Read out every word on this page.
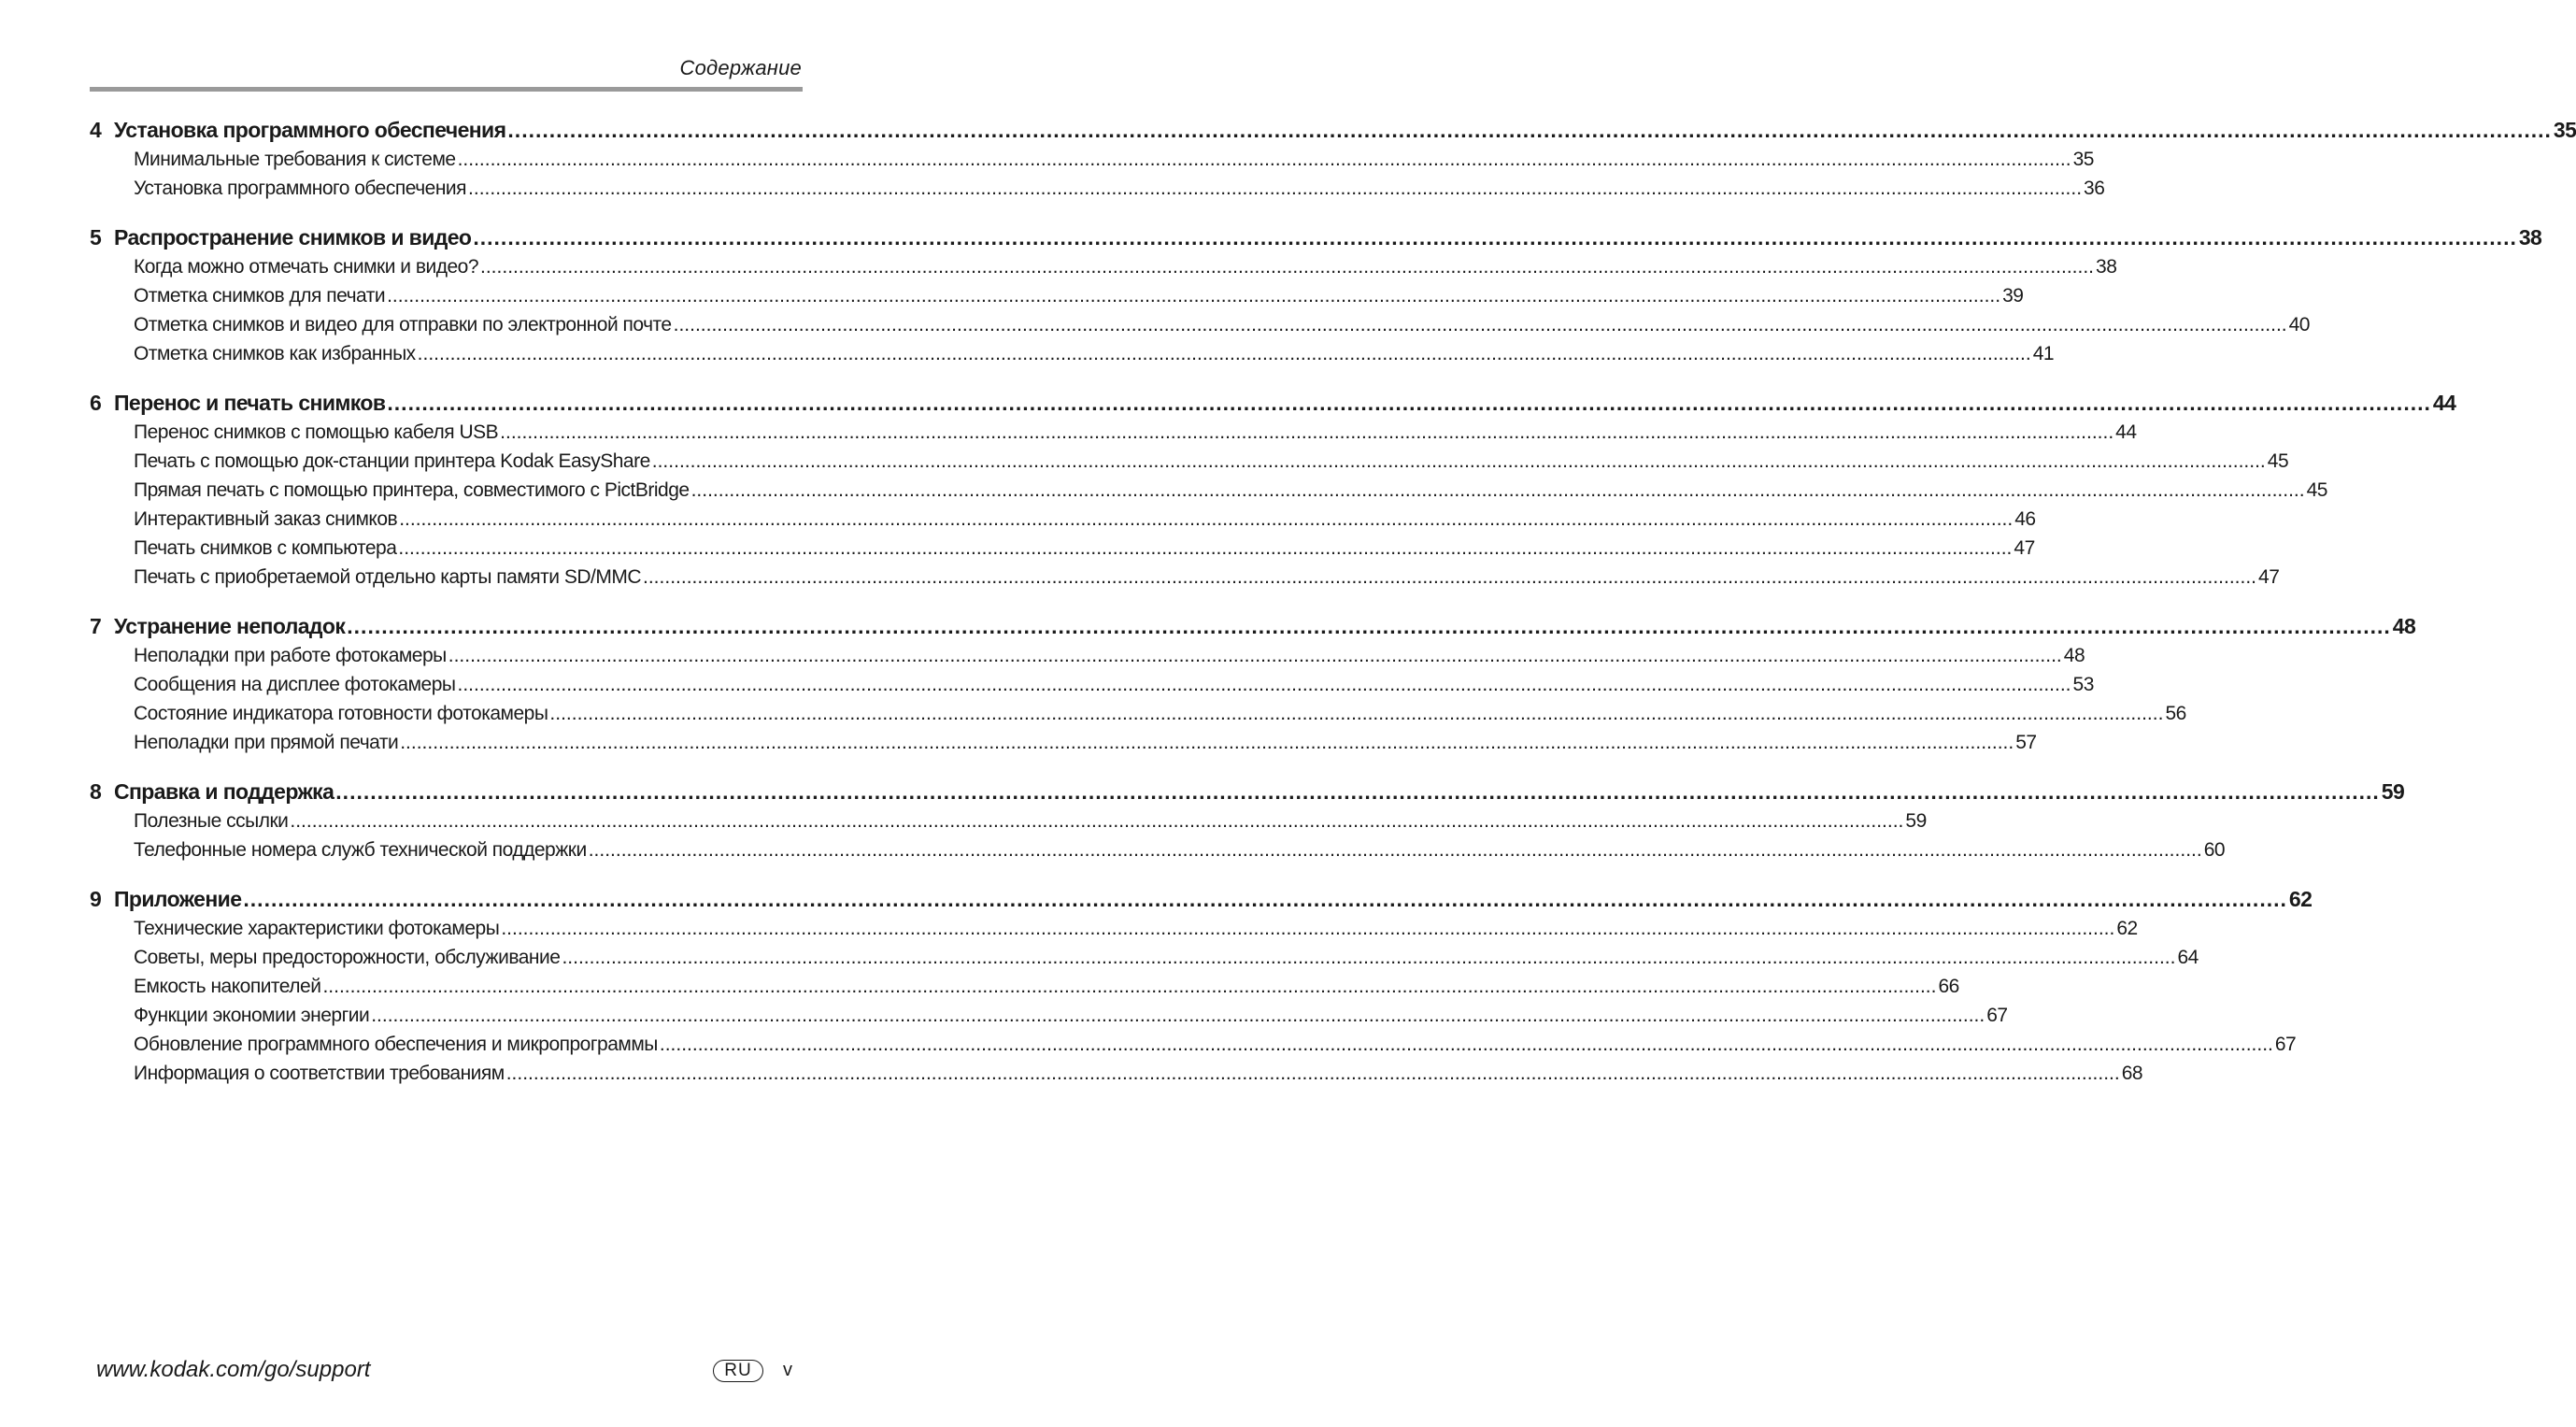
Содержание
4 Установка программного обеспечения .....	35
Минимальные требования к системе .....	35
Установка программного обеспечения .....	36
5 Распространение снимков и видео .....	38
Когда можно отмечать снимки и видео? .....	38
Отметка снимков для печати .....	39
Отметка снимков и видео для отправки по электронной почте .....	40
Отметка снимков как избранных .....	41
6 Перенос и печать снимков .....	44
Перенос снимков с помощью кабеля USB .....	44
Печать с помощью док-станции принтера Kodak EasyShare .....	45
Прямая печать с помощью принтера, совместимого с PictBridge .....	45
Интерактивный заказ снимков .....	46
Печать снимков с компьютера .....	47
Печать с приобретаемой отдельно карты памяти SD/MMC .....	47
7 Устранение неполадок .....	48
Неполадки при работе фотокамеры .....	48
Сообщения на дисплее фотокамеры .....	53
Состояние индикатора готовности фотокамеры .....	56
Неполадки при прямой печати .....	57
8 Справка и поддержка .....	59
Полезные ссылки .....	59
Телефонные номера служб технической поддержки .....	60
9 Приложение .....	62
Технические характеристики фотокамеры .....	62
Советы, меры предосторожности, обслуживание .....	64
Емкость накопителей .....	66
Функции экономии энергии .....	67
Обновление программного обеспечения и микропрограммы .....	67
Информация о соответствии требованиям .....	68
www.kodak.com/go/support	RU	v
